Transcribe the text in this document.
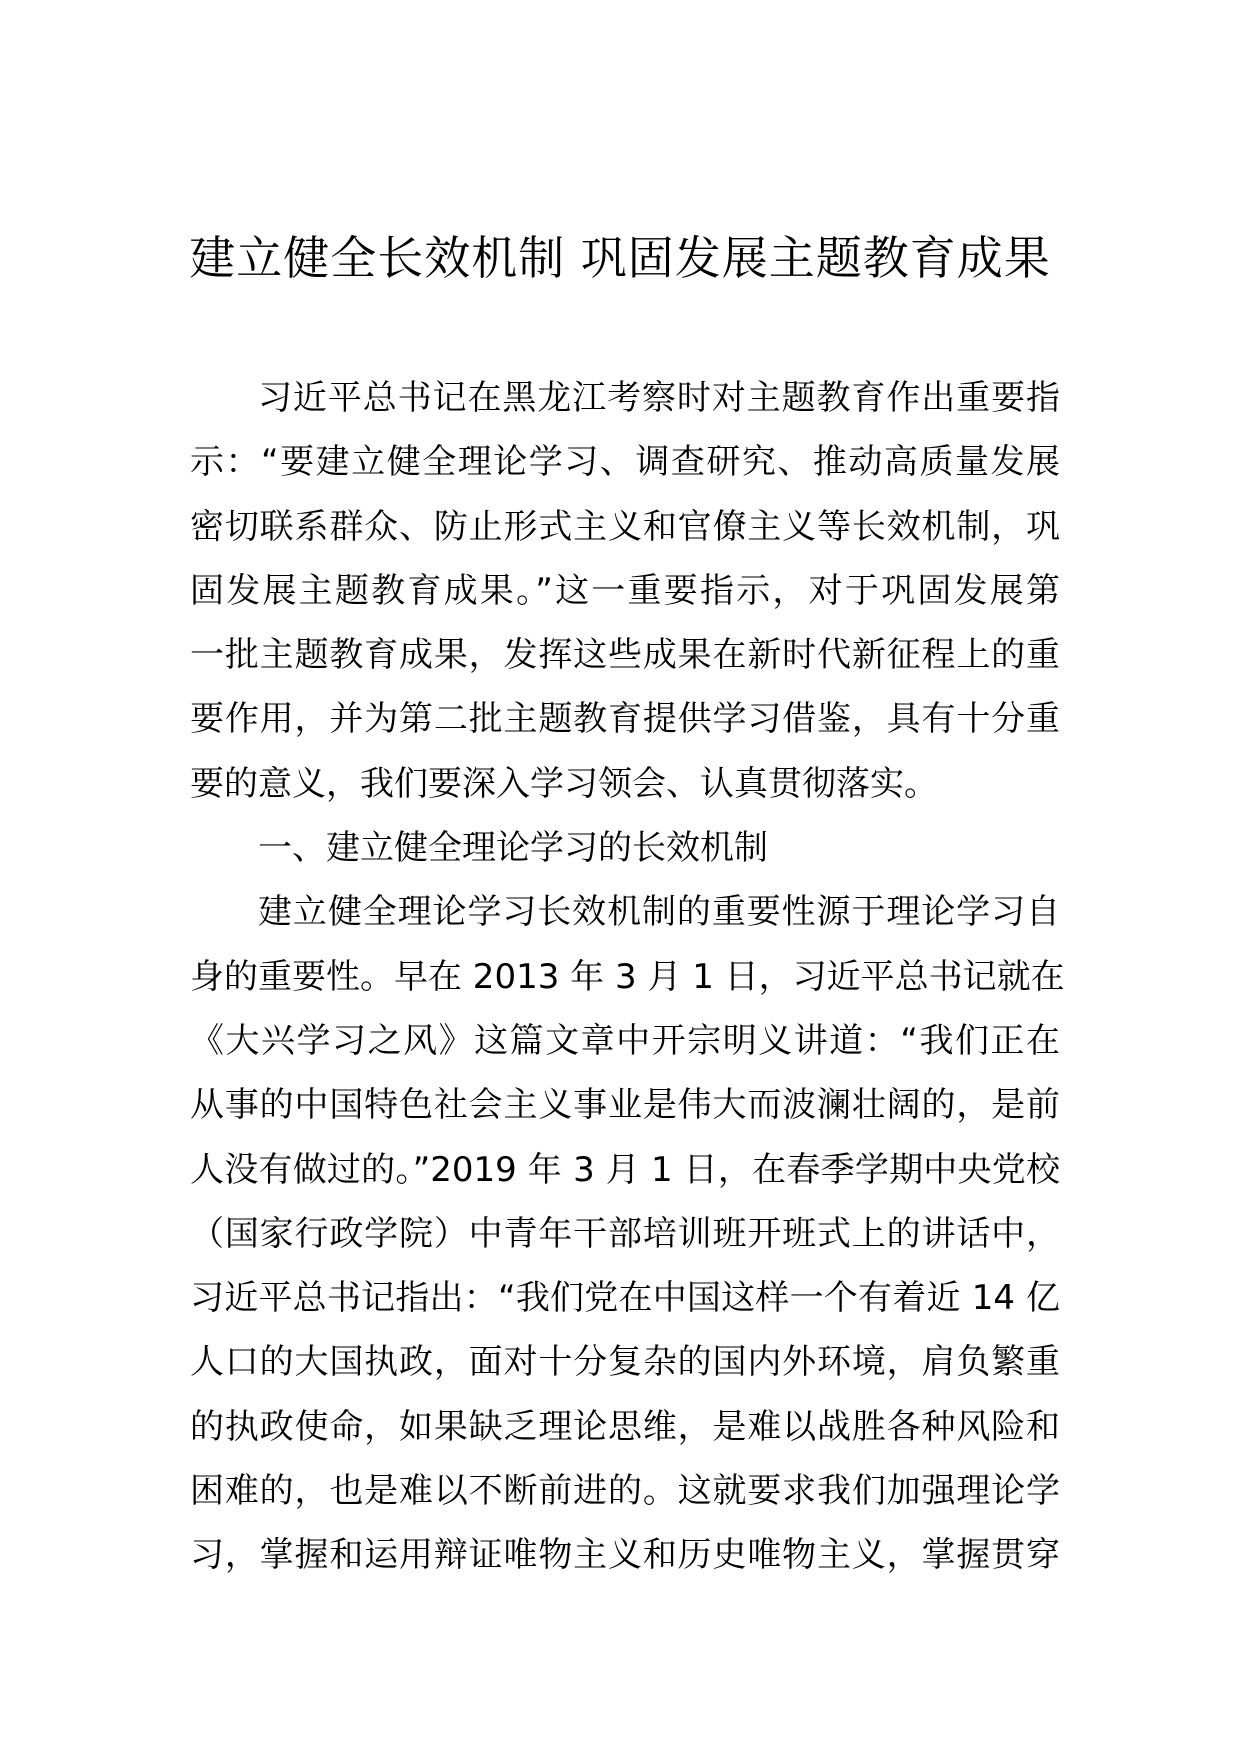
建立健全长效机制 巩固发展主题教育成果
习近平总书记在黑龙江考察时对主题教育作出重要指
示：“要建立健全理论学习、调查研究、推动高质量发展
密切联系群众、防止形式主义和官僚主义等长效机制，巩
固发展主题教育成果。”这一重要指示，对于巩固发展第
一批主题教育成果，发挥这些成果在新时代新征程上的重
要作用，并为第二批主题教育提供学习借鉴，具有十分重
要的意义，我们要深入学习领会、认真贯彻落实。
一、建立健全理论学习的长效机制
建立健全理论学习长效机制的重要性源于理论学习自
身的重要性。早在 2013 年 3 月 1 日，习近平总书记就在
《大兴学习之风》这篇文章中开宗明义讲道：“我们正在
从事的中国特色社会主义事业是伟大而波澜壮阔的，是前
人没有做过的。”2019 年 3 月 1 日，在春季学期中央党校
（国家行政学院）中青年干部培训班开班式上的讲话中，
习近平总书记指出：“我们党在中国这样一个有着近 14 亿
人口的大国执政，面对十分复杂的国内外环境，肩负繁重
的执政使命，如果缺乏理论思维，是难以战胜各种风险和
困难的，也是难以不断前进的。这就要求我们加强理论学
习，掌握和运用辩证唯物主义和历史唯物主义，掌握贯穿
